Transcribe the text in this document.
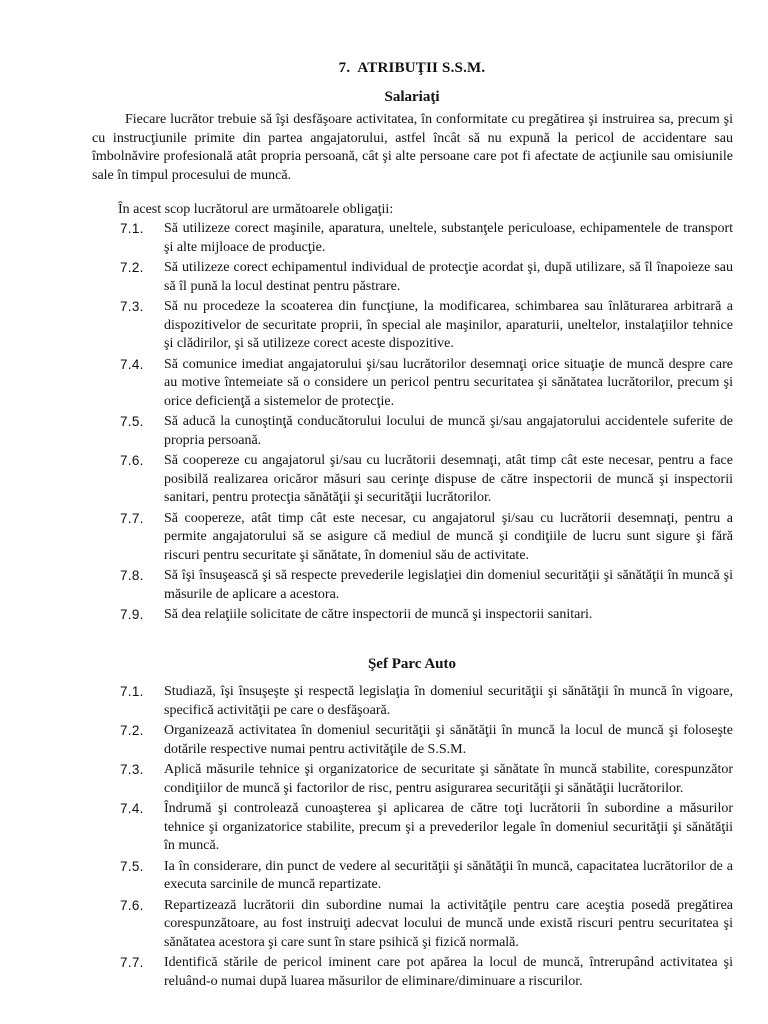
7.  ATRIBUŢII S.S.M.
Salariaţi

Fiecare lucrător trebuie să îşi desfăşoare activitatea, în conformitate cu pregătirea şi instruirea sa, precum şi cu instrucţiunile primite din partea angajatorului, astfel încât să nu expună la pericol de accidentare sau îmbolnăvire profesională atât propria persoană, cât şi alte persoane care pot fi afectate de acţiunile sau omisiunile sale în timpul procesului de muncă.

În acest scop lucrătorul are următoarele obligaţii:

7.1. Să utilizeze corect maşinile, aparatura, uneltele, substanţele periculoase, echipamentele de transport şi alte mijloace de producţie.
7.2. Să utilizeze corect echipamentul individual de protecţie acordat şi, după utilizare, să îl înapoieze sau să îl pună la locul destinat pentru păstrare.
7.3. Să nu procedeze la scoaterea din funcţiune, la modificarea, schimbarea sau înlăturarea arbitrară a dispozitivelor de securitate proprii, în special ale maşinilor, aparaturii, uneltelor, instalaţiilor tehnice şi clădirilor, şi să utilizeze corect aceste dispozitive.
7.4. Să comunice imediat angajatorului şi/sau lucrătorilor desemnaţi orice situaţie de muncă despre care au motive întemeiate să o considere un pericol pentru securitatea şi sănătatea lucrătorilor, precum şi orice deficienţă a sistemelor de protecţie.
7.5. Să aducă la cunoştinţă conducătorului locului de muncă şi/sau angajatorului accidentele suferite de propria persoană.
7.6. Să coopereze cu angajatorul şi/sau cu lucrătorii desemnaţi, atât timp cât este necesar, pentru a face posibilă realizarea oricăror măsuri sau cerinţe dispuse de către inspectorii de muncă şi inspectorii sanitari, pentru protecţia sănătăţii şi securităţii lucrătorilor.
7.7. Să coopereze, atât timp cât este necesar, cu angajatorul şi/sau cu lucrătorii desemnaţi, pentru a permite angajatorului să se asigure că mediul de muncă şi condiţiile de lucru sunt sigure şi fără riscuri pentru securitate şi sănătate, în domeniul său de activitate.
7.8. Să îşi însuşească şi să respecte prevederile legislaţiei din domeniul securităţii şi sănătăţii în muncă şi măsurile de aplicare a acestora.
7.9. Să dea relaţiile solicitate de către inspectorii de muncă şi inspectorii sanitari.
Şef Parc Auto
7.1. Studiază, îşi însuşeşte şi respectă legislaţia în domeniul securităţii şi sănătăţii în muncă în vigoare, specifică activităţii pe care o desfăşoară.
7.2. Organizează activitatea în domeniul securităţii şi sănătăţii în muncă la locul de muncă şi foloseşte dotările respective numai pentru activităţile de S.S.M.
7.3. Aplică măsurile tehnice şi organizatorice de securitate şi sănătate în muncă stabilite, corespunzător condiţiilor de muncă şi factorilor de risc, pentru asigurarea securităţii şi sănătăţii lucrătorilor.
7.4. Îndrumă şi controlează cunoaşterea şi aplicarea de către toţi lucrătorii în subordine a măsurilor tehnice şi organizatorice stabilite, precum şi a prevederilor legale în domeniul securităţii şi sănătăţii în muncă.
7.5. Ia în considerare, din punct de vedere al securităţii şi sănătăţii în muncă, capacitatea lucrătorilor de a executa sarcinile de muncă repartizate.
7.6. Repartizează lucrătorii din subordine numai la activităţile pentru care aceştia posedă pregătirea corespunzătoare, au fost instruiţi adecvat locului de muncă unde există riscuri pentru securitatea şi sănătatea acestora şi care sunt în stare psihică şi fizică normală.
7.7. Identifică stările de pericol iminent care pot apărea la locul de muncă, întrerupând activitatea şi reluând-o numai după luarea măsurilor de eliminare/diminuare a riscurilor.
